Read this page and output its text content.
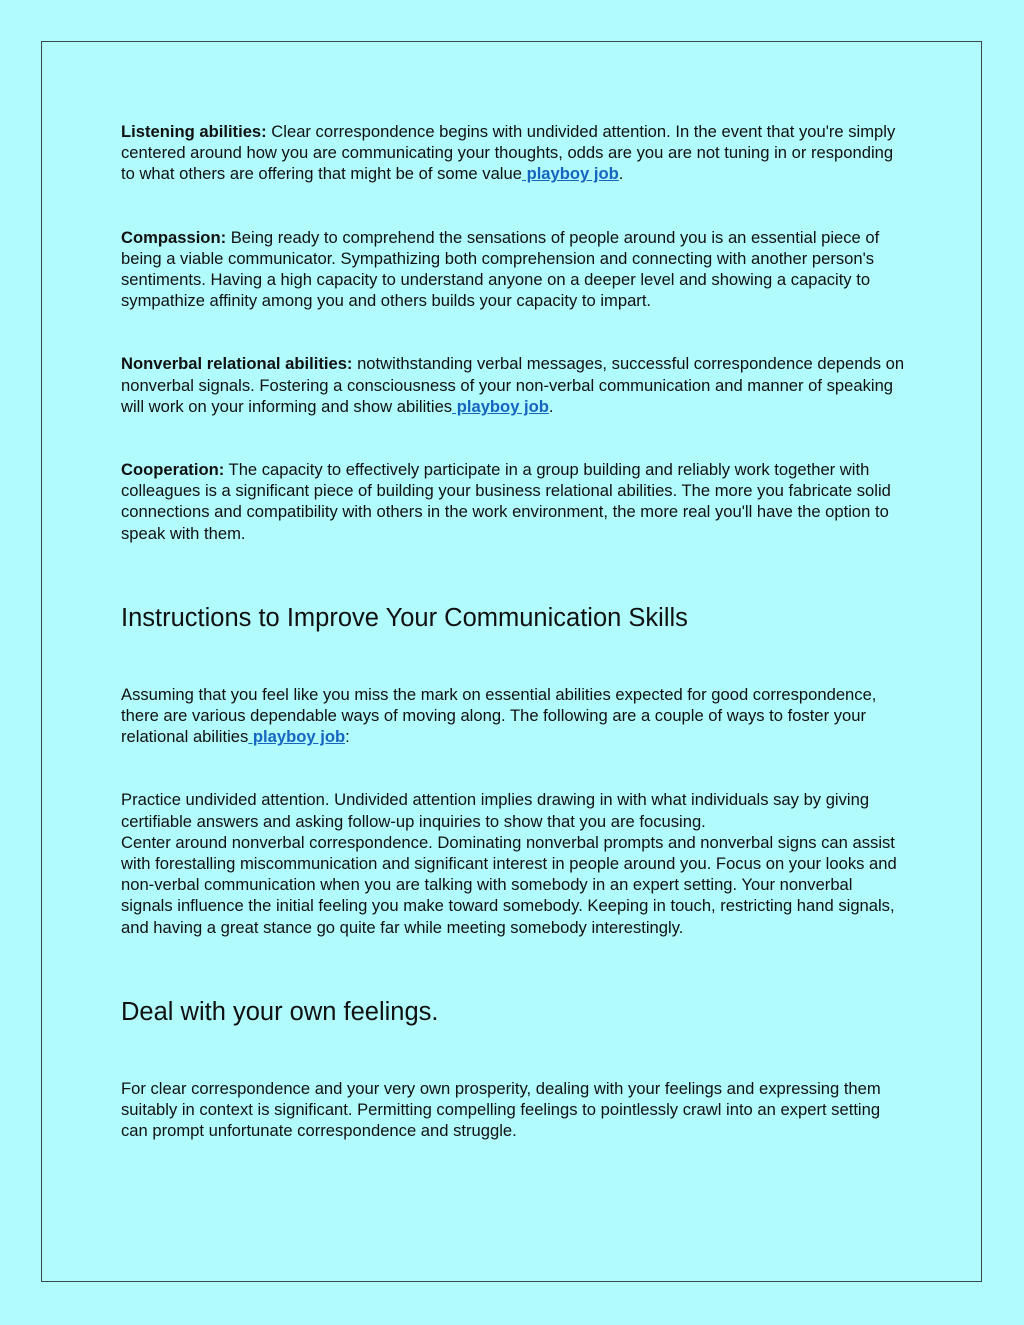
Listening abilities: Clear correspondence begins with undivided attention. In the event that you're simply centered around how you are communicating your thoughts, odds are you are not tuning in or responding to what others are offering that might be of some value playboy job.

Compassion: Being ready to comprehend the sensations of people around you is an essential piece of being a viable communicator. Sympathizing both comprehension and connecting with another person's sentiments. Having a high capacity to understand anyone on a deeper level and showing a capacity to sympathize affinity among you and others builds your capacity to impart.

Nonverbal relational abilities: notwithstanding verbal messages, successful correspondence depends on nonverbal signals. Fostering a consciousness of your non-verbal communication and manner of speaking will work on your informing and show abilities playboy job.

Cooperation: The capacity to effectively participate in a group building and reliably work together with colleagues is a significant piece of building your business relational abilities. The more you fabricate solid connections and compatibility with others in the work environment, the more real you'll have the option to speak with them.

Instructions to Improve Your Communication Skills

Assuming that you feel like you miss the mark on essential abilities expected for good correspondence, there are various dependable ways of moving along. The following are a couple of ways to foster your relational abilities playboy job:

Practice undivided attention. Undivided attention implies drawing in with what individuals say by giving certifiable answers and asking follow-up inquiries to show that you are focusing.

Center around nonverbal correspondence. Dominating nonverbal prompts and nonverbal signs can assist with forestalling miscommunication and significant interest in people around you. Focus on your looks and non-verbal communication when you are talking with somebody in an expert setting. Your nonverbal signals influence the initial feeling you make toward somebody. Keeping in touch, restricting hand signals, and having a great stance go quite far while meeting somebody interestingly.

Deal with your own feelings.

For clear correspondence and your very own prosperity, dealing with your feelings and expressing them suitably in context is significant. Permitting compelling feelings to pointlessly crawl into an expert setting can prompt unfortunate correspondence and struggle.
